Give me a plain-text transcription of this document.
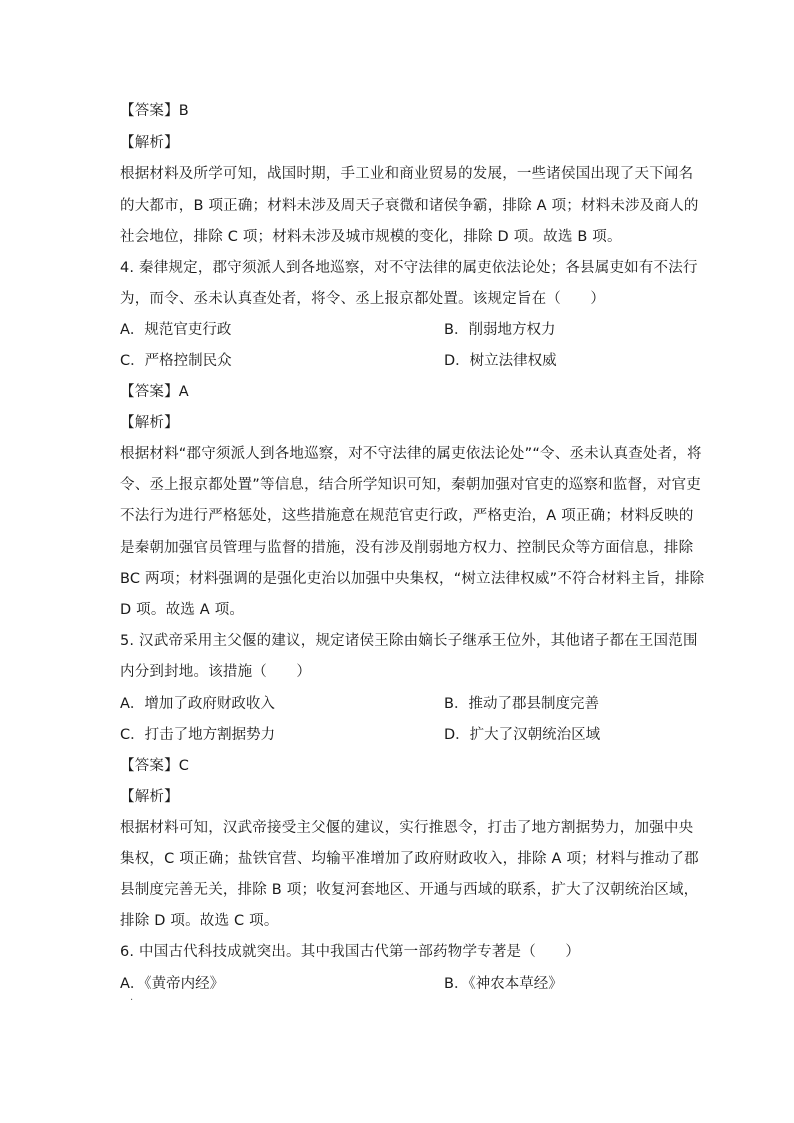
【答案】B
【解析】
根据材料及所学可知，战国时期，手工业和商业贸易的发展，一些诸侯国出现了天下闻名
的大都市，B 项正确；材料未涉及周天子衰微和诸侯争霸，排除 A 项；材料未涉及商人的
社会地位，排除 C 项；材料未涉及城市规模的变化，排除 D 项。故选 B 项。
4. 秦律规定，郡守须派人到各地巡察，对不守法律的属吏依法论处；各县属吏如有不法行
为，而令、丞未认真查处者，将令、丞上报京都处置。该规定旨在（　　）
A．规范官吏行政	B．削弱地方权力
C．严格控制民众	D．树立法律权威
【答案】A
【解析】
根据材料“郡守须派人到各地巡察，对不守法律的属吏依法论处”“令、丞未认真查处者，将
令、丞上报京都处置”等信息，结合所学知识可知，秦朝加强对官吏的巡察和监督，对官吏
不法行为进行严格惩处，这些措施意在规范官吏行政，严格吏治，A 项正确；材料反映的
是秦朝加强官员管理与监督的措施，没有涉及削弱地方权力、控制民众等方面信息，排除
BC 两项；材料强调的是强化吏治以加强中央集权，“树立法律权威”不符合材料主旨，排除
D 项。故选 A 项。
5. 汉武帝采用主父偃的建议，规定诸侯王除由嫡长子继承王位外，其他诸子都在王国范围
内分到封地。该措施（　　）
A．增加了政府财政收入	B．推动了郡县制度完善
C．打击了地方割据势力	D．扩大了汉朝统治区域
【答案】C
【解析】
根据材料可知，汉武帝接受主父偃的建议，实行推恩令，打击了地方割据势力，加强中央
集权，C 项正确；盐铁官营、均输平准增加了政府财政收入，排除 A 项；材料与推动了郡
县制度完善无关，排除 B 项；收复河套地区、开通与西域的联系，扩大了汉朝统治区域，
排除 D 项。故选 C 项。
6. 中国古代科技成就突出。其中我国古代第一部药物学专著是（　　）
A．《黄帝内经》	B．《神农本草经》
·
